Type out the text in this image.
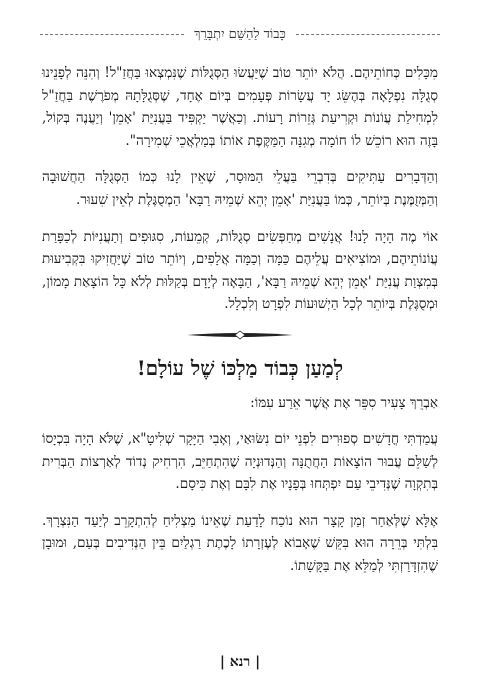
כָּבוֹד לַהַשֵּׁם יִתְבָּרֵךְ

מִכָּלִים כְּחוֹתֵיהֶם. הֲלֹא יוֹתֵר טוֹב שֶׁיַּעֲשׂוּ הַסְּגֻלּוֹת שֶׁנִּמְצְאוּ בַּחֲזַ"ל! וְהִנֵּה לְפָנֵינוּ סְגֻלָּה נִפְלָאָה בְּהֶשֵּׂג יָד עֲשָׂרוֹת פְּעָמִים בְּיוֹם אֶחָד, שֶׁסְּגֻלָּתָהּ מְפֹרֶשֶׁת בַּחֲזַ"ל לִמְחִילַת עֲוֹנוֹת וּקְרִיעַת גְּזֵרוֹת רָעוֹת. וְכַאֲשֶׁר יַקְפִּיד בַּעֲנִיַּת 'אָמֵן' וְיַעֲנֶה בְּקוֹל, בָּזֶה הוּא רוֹכֵשׁ לוֹ חוֹמָה מְגִנָּה הַמַּקֶּפֶת אוֹתוֹ בְּמַלְאֲכֵי שְׁמִירָה".

וְהַדְּבָרִים עַתִּיקִים בְּדִבְרֵי בַּעֲלֵי הַמּוּסָר, שֶׁאֵין לָנוּ כְּמוֹ הַסְּגֻלָּה הַחֲשׁוּבָה וְהַמְּזֻמֶּנֶת בְּיוֹתֵר, כְּמוֹ בַּעֲנִיַּת 'אָמֵן יְהֵא שְׁמֵיהּ רַבָּא' הַמְסֻגֶּלֶת לְאֵין שִׁעוּר.

אוֹי מֶה הָיָה לָנוּ! אֲנָשִׁים מְחַפְּשִׂים סְגֻלּוֹת, קְמֵעוֹת, סִגּוּפִים וְתַעֲנִיּוֹת לְכַפָּרַת עֲוֹנוֹתֵיהֶם, וּמוֹצִיאִים עֲלֵיהֶם כַּמָּה וְכַמָּה אֲלָפִים, וְיוֹתֵר טוֹב שֶׁיַּחֲזִיקוּ בִּקְבִיעוּת בְּמִצְוַת עֲנִיַּת 'אָמֵן יְהֵא שְׁמֵיהּ רַבָּא', הַבָּאָה לְיָדָם בְּקַלּוּת לְלֹא כָּל הוֹצָאַת מָמוֹן, וּמְסֻגֶּלֶת בְּיוֹתֵר לְכָל הַיְשׁוּעוֹת לִפְרָט וְלִכְלָל.

לְמַעַן כְּבוֹד מַלְכּוֹ שֶׁל עוֹלָם!

אַבְרֵךְ צָעִיר סִפֵּר אֶת אֲשֶׁר אֵרַע עִמּוֹ:

עֲמַדְתִּי חֳדָשִׁים סְפוּרִים לִפְנֵי יוֹם נִשּׂוּאַי, וְאָבִי הַיָּקָר שְׁלִיטָ"א, שֶׁלֹּא הָיָה בִּכְיָסוֹ לְשַׁלֵּם עֲבוּר הוֹצָאוֹת הַחֲתֻנָּה וְהַנְּדוּנְיָה שֶׁהִתְחַיֵּב, הִרְחִיק נְדוֹד לְאַרְצוֹת הַבְּרִית בְּתִקְוָה שֶׁנְּדִיבֵי עַם יִפְתְּחוּ בְּפָנָיו אֶת לִבָּם וְאֶת כִּיסָם.

אֶלָּא שֶׁלְּאַחַר זְמַן קָצָר הוּא נוֹכַח לָדַעַת שֶׁאֵינוֹ מַצְלִיחַ לְהִתְקָרֵב לְיַעַד הַנִּצְרָךְ. בִּלְתִּי בְּרֵרָה הוּא בִּקֵּשׁ שֶׁאָבוֹא לְעֶזְרָתוֹ לָכֶתֶת רַגְלַיִם בֵּין הַנְּדִיבִים בְּעַם, וּמוּבָן שֶׁהִזְדָּרַזְתִּי לְמַלֵּא אֶת בַּקָּשָׁתוֹ.

| רנא |
